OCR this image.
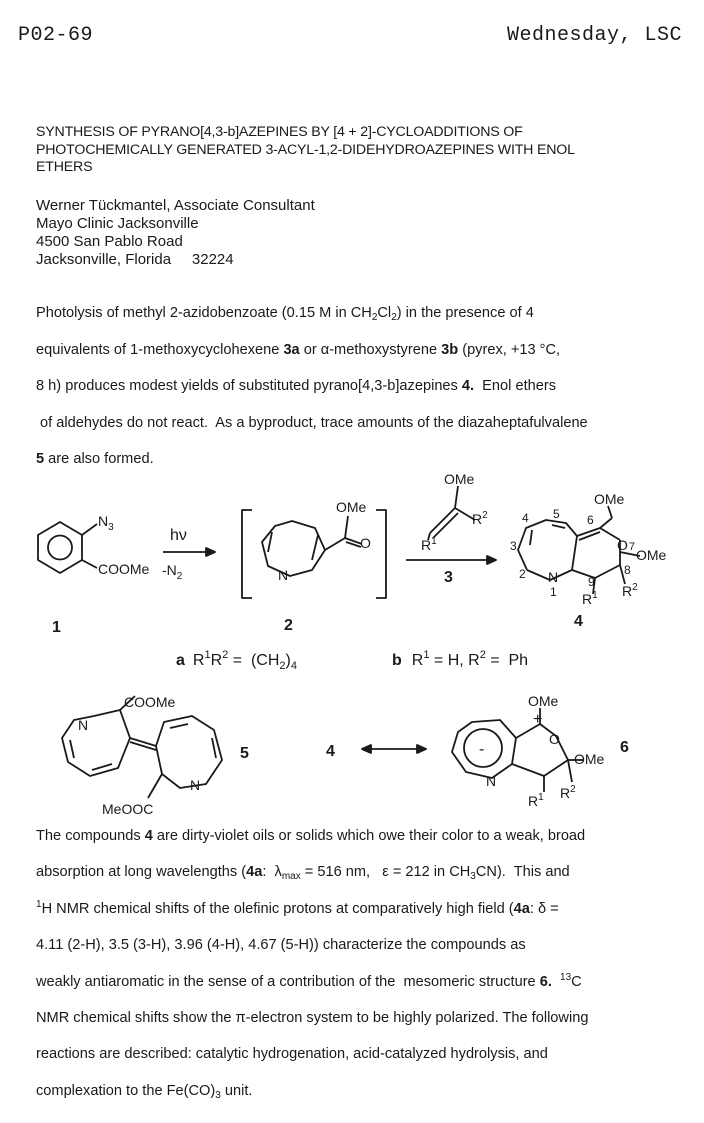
P02-69	Wednesday, LSC
SYNTHESIS OF PYRANO[4,3-b]AZEPINES BY [4 + 2]-CYCLOADDITIONS OF
PHOTOCHEMICALLY GENERATED 3-ACYL-1,2-DIDEHYDROAZEPINES WITH ENOL
ETHERS
Werner Tückmantel, Associate Consultant
Mayo Clinic Jacksonville
4500 San Pablo Road
Jacksonville, Florida     32224
Photolysis of methyl 2-azidobenzoate (0.15 M in $CH_2Cl_2$) in the presence of 4
equivalents of 1-methoxycyclohexene 3a or α-methoxystyrene 3b (pyrex, +13 °C,
8 h) produces modest yields of substituted pyrano[4,3-b]azepines 4.  Enol ethers
of aldehydes do not react.  As a byproduct, trace amounts of the diazaheptafulvalene
5 are also formed.
$N_3$
COOMe
1
hν
$-N_2$
OMe
O
N
2
OMe
$R^2$
$R^1$
3
OMe
O7 OMe
N
$R^1$ $R^2$
2
3
4 5 6
8
9
1
4
a $R^1R^2 = (CH_2)_4$	b $R^1 = H$, $R^2 = Ph$
COOMe
MeOOC
N
N
5	4
OMe
+
O
OMe
-
N
$R^1$ $R^2$
6
The compounds 4 are dirty-violet oils or solids which owe their color to a weak, broad
absorption at long wavelengths (4a:  $\lambda_{max} = 516$ nm,   ε = 212 in $CH_3CN$).  This and
$^1$H NMR chemical shifts of the olefinic protons at comparatively high field (4a: δ =
4.11 (2-H), 3.5 (3-H), 3.96 (4-H), 4.67 (5-H)) characterize the compounds as
weakly antiaromatic in the sense of a contribution of the  mesomeric structure 6. $^{13}$C
NMR chemical shifts show the π-electron system to be highly polarized. The following
reactions are described: catalytic hydrogenation, acid-catalyzed hydrolysis, and
complexation to the $Fe(CO)_3$ unit.
